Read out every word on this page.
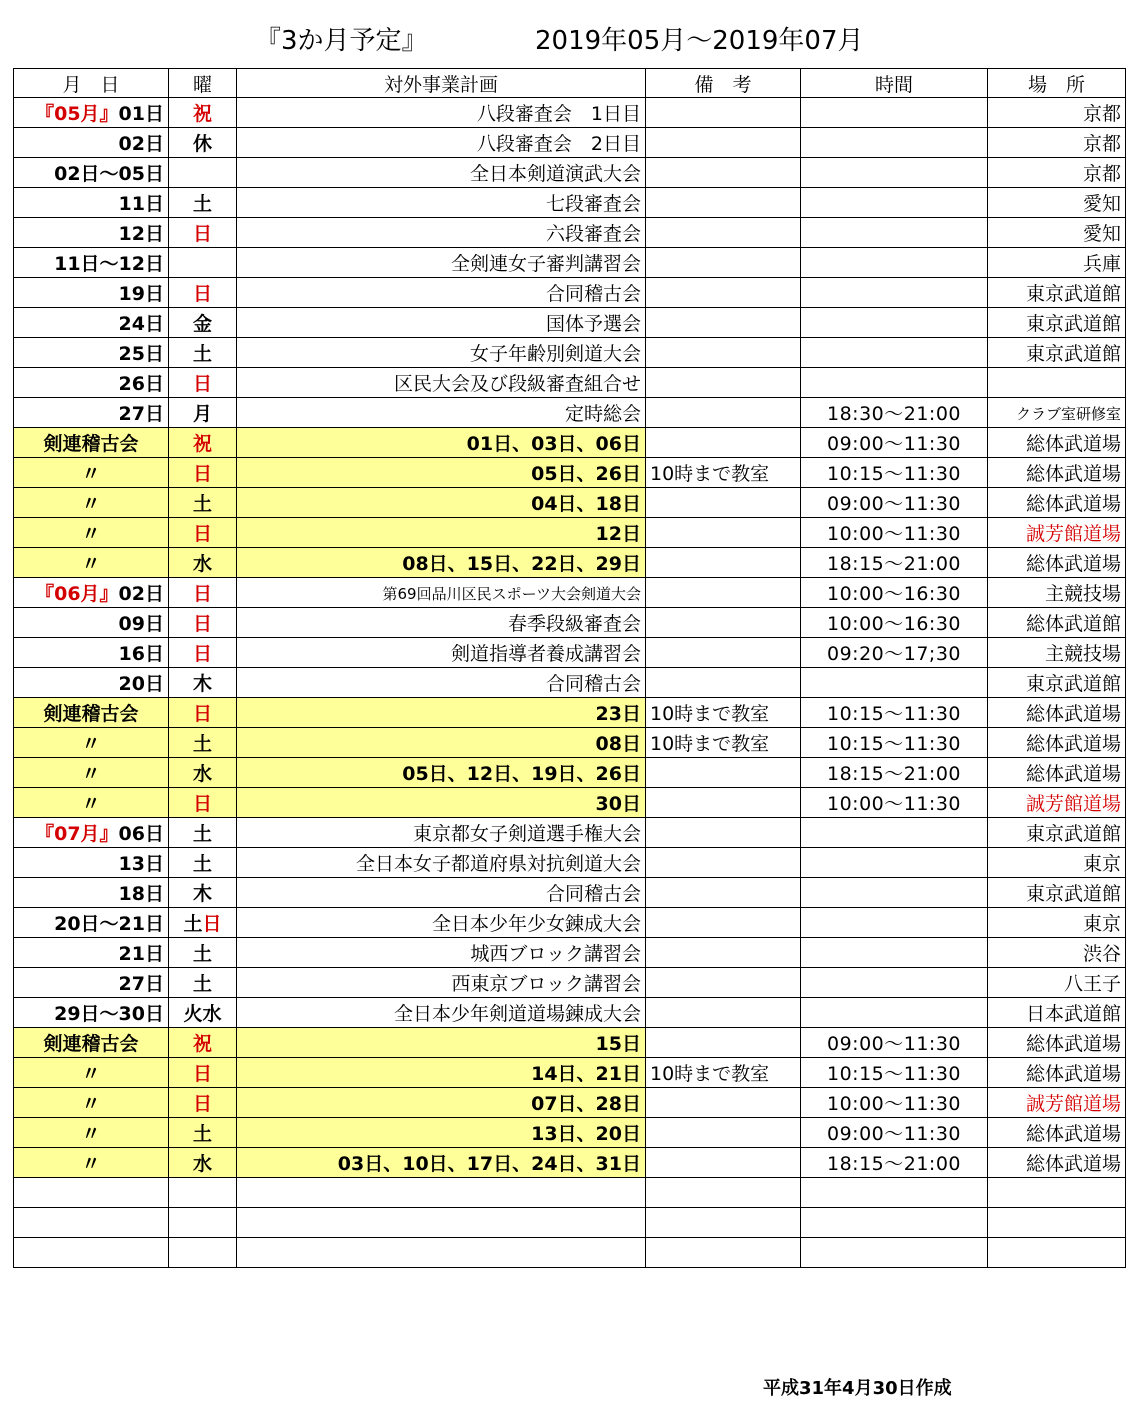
『3か月予定』	2019年05月～2019年07月
月　日	曜	対外事業計画	備　考	時間	場　所
『05月』01日	祝	八段審査会　1日目			京都
02日	休	八段審査会　2日目			京都
02日～05日		全日本剣道演武大会			京都
11日	土	七段審査会			愛知
12日	日	六段審査会			愛知
11日～12日		全剣連女子審判講習会			兵庫
19日	日	合同稽古会			東京武道館
24日	金	国体予選会			東京武道館
25日	土	女子年齢別剣道大会			東京武道館
26日	日	区民大会及び段級審査組合せ			
27日	月	定時総会		18:30～21:00	クラブ室研修室
剣連稽古会	祝	01日、03日、06日		09:00～11:30	総体武道場
〃	日	05日、26日	10時まで教室	10:15～11:30	総体武道場
〃	土	04日、18日		09:00～11:30	総体武道場
〃	日	12日		10:00～11:30	誠芳館道場
〃	水	08日、15日、22日、29日		18:15～21:00	総体武道場
『06月』02日	日	第69回品川区民スポーツ大会剣道大会		10:00～16:30	主競技場
09日	日	春季段級審査会		10:00～16:30	総体武道館
16日	日	剣道指導者養成講習会		09:20～17;30	主競技場
20日	木	合同稽古会			東京武道館
剣連稽古会	日	23日	10時まで教室	10:15～11:30	総体武道場
〃	土	08日	10時まで教室	10:15～11:30	総体武道場
〃	水	05日、12日、19日、26日		18:15～21:00	総体武道場
〃	日	30日		10:00～11:30	誠芳館道場
『07月』06日	土	東京都女子剣道選手権大会			東京武道館
13日	土	全日本女子都道府県対抗剣道大会			東京
18日	木	合同稽古会			東京武道館
20日～21日	土日	全日本少年少女錬成大会			東京
21日	土	城西ブロック講習会			渋谷
27日	土	西東京ブロック講習会			八王子
29日～30日	火水	全日本少年剣道道場錬成大会			日本武道館
剣連稽古会	祝	15日		09:00～11:30	総体武道場
〃	日	14日、21日	10時まで教室	10:15～11:30	総体武道場
〃	日	07日、28日		10:00～11:30	誠芳館道場
〃	土	13日、20日		09:00～11:30	総体武道場
〃	水	03日、10日、17日、24日、31日		18:15～21:00	総体武道場

平成31年4月30日作成
